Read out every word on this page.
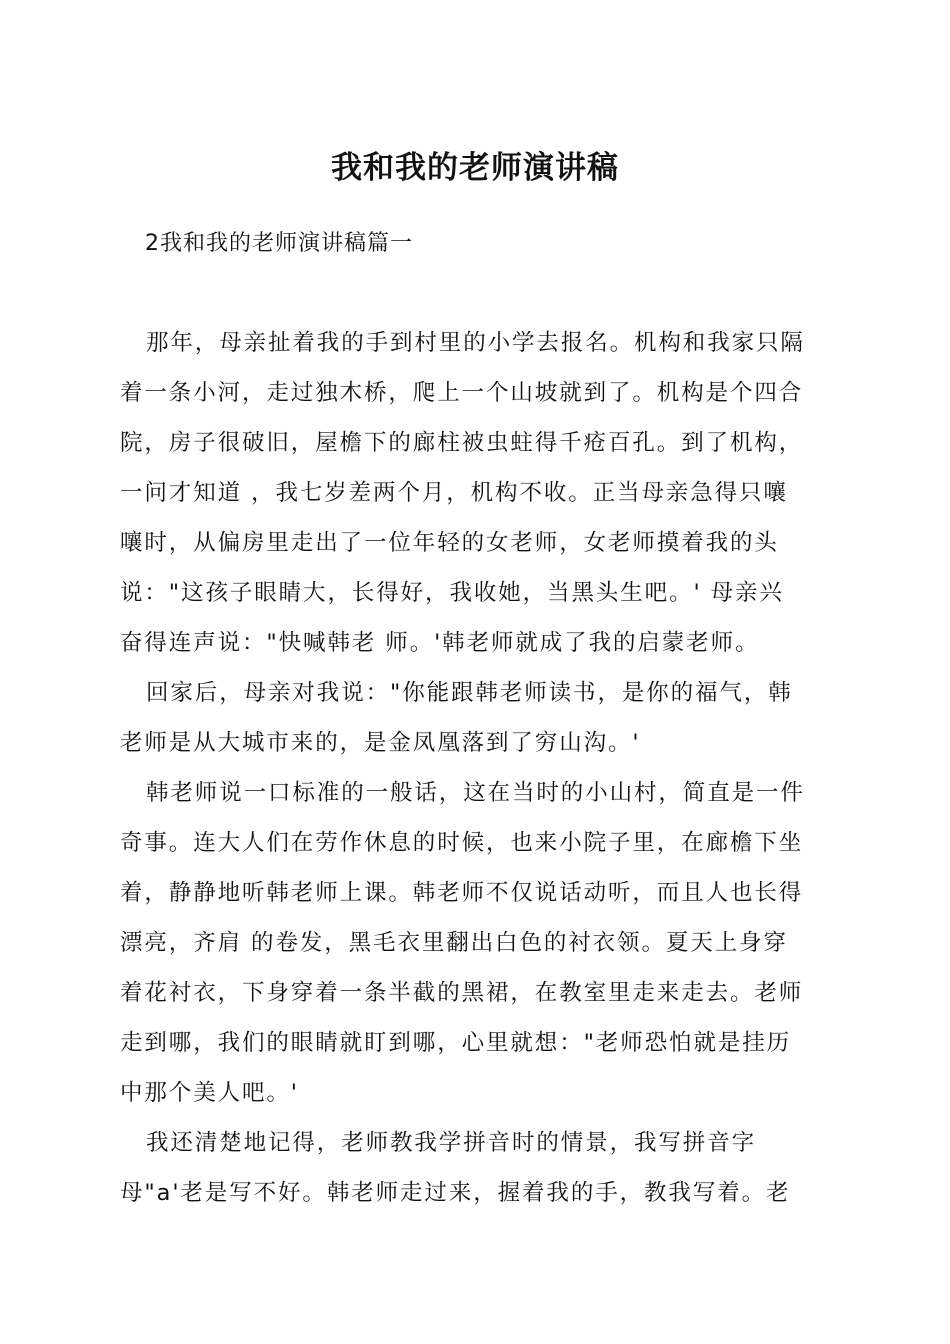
我和我的老师演讲稿

2我和我的老师演讲稿篇一

那年，母亲扯着我的手到村里的小学去报名。机构和我家只隔
着一条小河，走过独木桥，爬上一个山坡就到了。机构是个四合
院，房子很破旧，屋檐下的廊柱被虫蛀得千疮百孔。到了机构，
一问才知道 ，我七岁差两个月，机构不收。正当母亲急得只嚷
嚷时，从偏房里走出了一位年轻的女老师，女老师摸着我的头
说："这孩子眼睛大，长得好，我收她，当黑头生吧。' 母亲兴
奋得连声说："快喊韩老 师。'韩老师就成了我的启蒙老师。

回家后，母亲对我说："你能跟韩老师读书，是你的福气，韩
老师是从大城市来的，是金凤凰落到了穷山沟。'

韩老师说一口标准的一般话，这在当时的小山村，简直是一件
奇事。连大人们在劳作休息的时候，也来小院子里，在廊檐下坐
着，静静地听韩老师上课。韩老师不仅说话动听，而且人也长得
漂亮，齐肩 的卷发，黑毛衣里翻出白色的衬衣领。夏天上身穿
着花衬衣，下身穿着一条半截的黑裙，在教室里走来走去。老师
走到哪，我们的眼睛就盯到哪，心里就想："老师恐怕就是挂历
中那个美人吧。'

我还清楚地记得，老师教我学拼音时的情景，我写拼音字
母"a'老是写不好。韩老师走过来，握着我的手，教我写着。老
